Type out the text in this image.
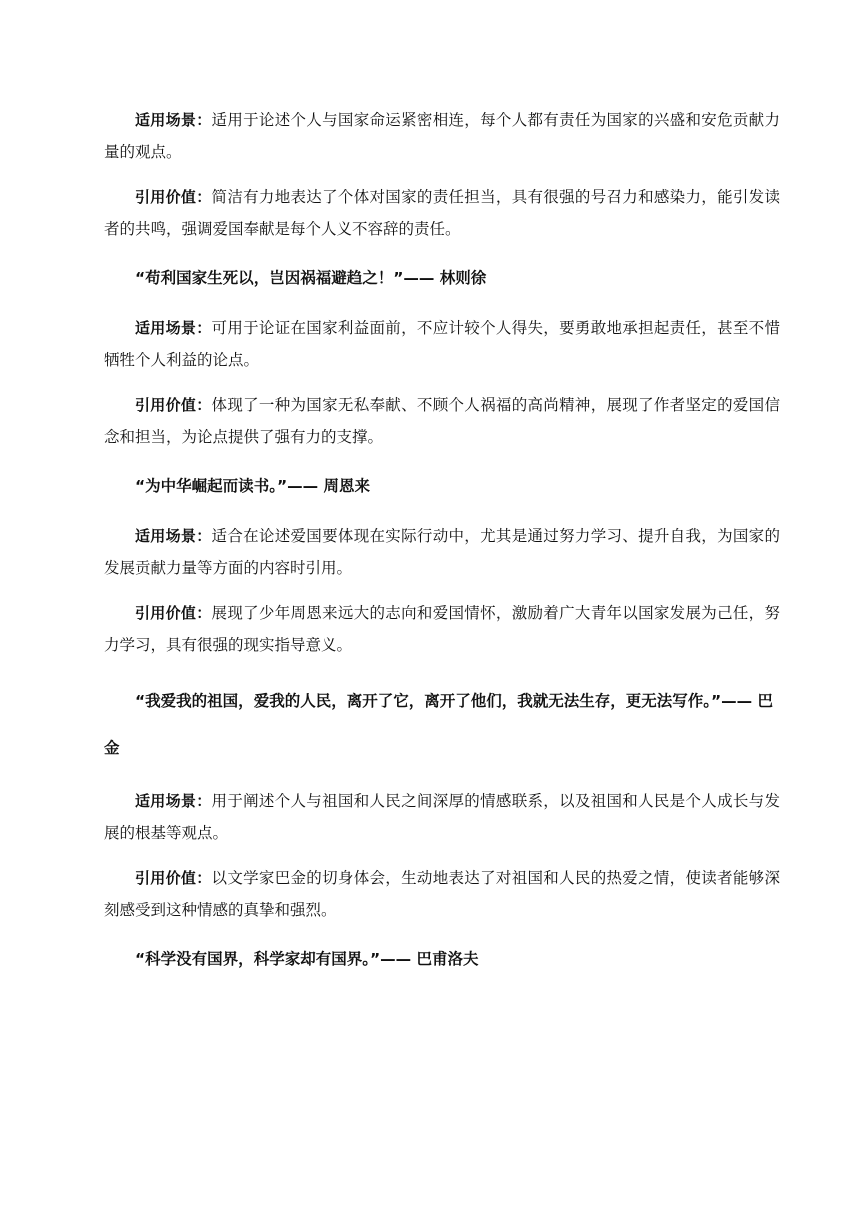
适用场景：适用于论述个人与国家命运紧密相连，每个人都有责任为国家的兴盛和安危贡献力量的观点。

引用价值：简洁有力地表达了个体对国家的责任担当，具有很强的号召力和感染力，能引发读者的共鸣，强调爱国奉献是每个人义不容辞的责任。

“苟利国家生死以，岂因祸福避趋之！”—— 林则徐

适用场景：可用于论证在国家利益面前，不应计较个人得失，要勇敢地承担起责任，甚至不惜牺牲个人利益的论点。

引用价值：体现了一种为国家无私奉献、不顾个人祸福的高尚精神，展现了作者坚定的爱国信念和担当，为论点提供了强有力的支撑。

“为中华崛起而读书。”—— 周恩来

适用场景：适合在论述爱国要体现在实际行动中，尤其是通过努力学习、提升自我，为国家的发展贡献力量等方面的内容时引用。

引用价值：展现了少年周恩来远大的志向和爱国情怀，激励着广大青年以国家发展为己任，努力学习，具有很强的现实指导意义。

“我爱我的祖国，爱我的人民，离开了它，离开了他们，我就无法生存，更无法写作。”—— 巴金

适用场景：用于阐述个人与祖国和人民之间深厚的情感联系，以及祖国和人民是个人成长与发展的根基等观点。

引用价值：以文学家巴金的切身体会，生动地表达了对祖国和人民的热爱之情，使读者能够深刻感受到这种情感的真挚和强烈。

“科学没有国界，科学家却有国界。”—— 巴甫洛夫
